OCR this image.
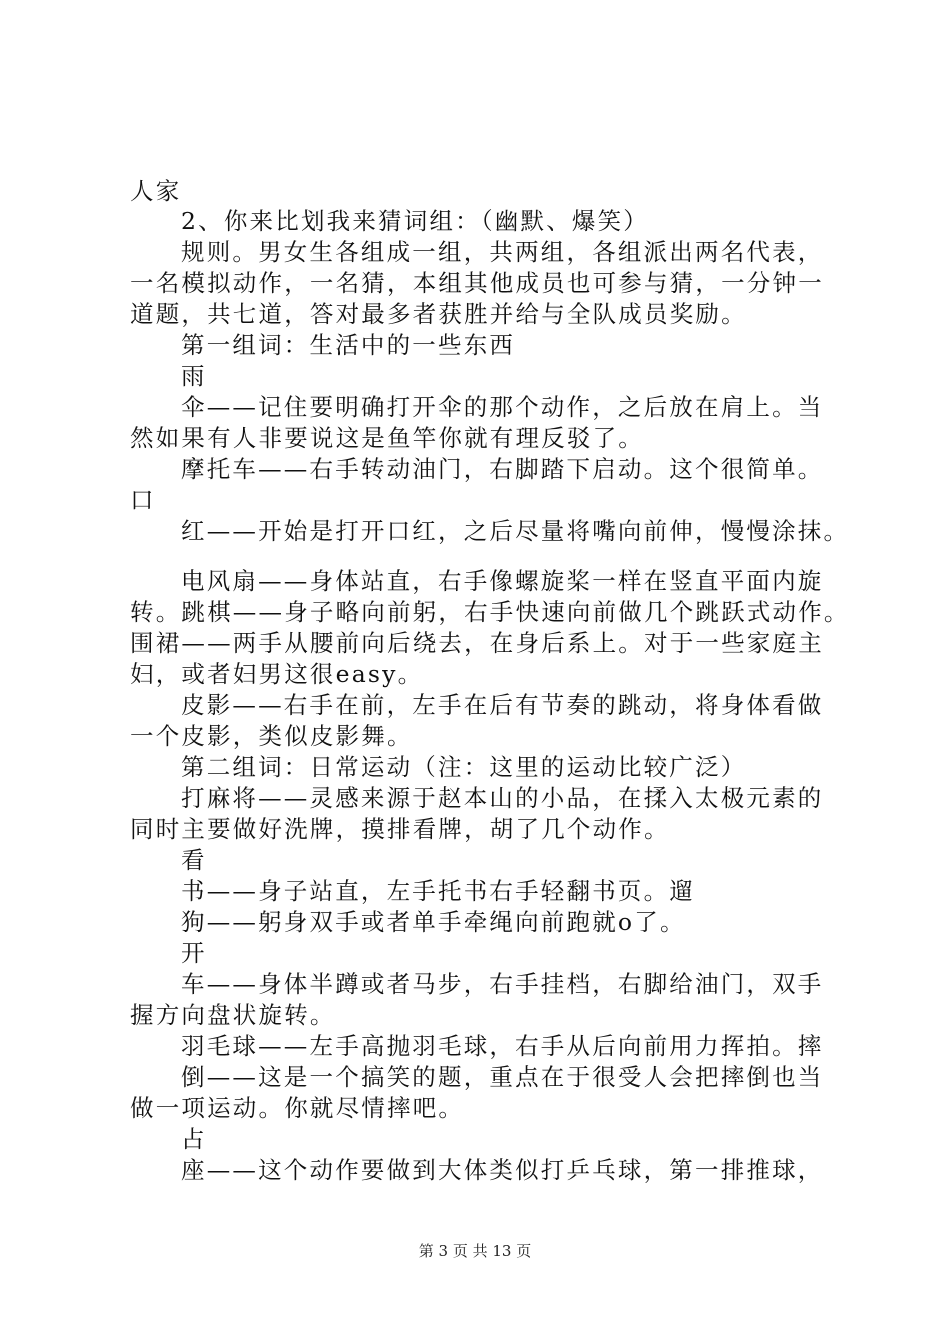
人家
2、你来比划我来猜词组：（幽默、爆笑）
规则。男女生各组成一组，共两组，各组派出两名代表，
一名模拟动作，一名猜，本组其他成员也可参与猜，一分钟一
道题，共七道，答对最多者获胜并给与全队成员奖励。
第一组词：生活中的一些东西
雨
伞——记住要明确打开伞的那个动作，之后放在肩上。当
然如果有人非要说这是鱼竿你就有理反驳了。
摩托车——右手转动油门，右脚踏下启动。这个很简单。
口
红——开始是打开口红，之后尽量将嘴向前伸，慢慢涂抹。
电风扇——身体站直，右手像螺旋桨一样在竖直平面内旋
转。跳棋——身子略向前躬，右手快速向前做几个跳跃式动作。
围裙——两手从腰前向后绕去，在身后系上。对于一些家庭主
妇，或者妇男这很easy。
皮影——右手在前，左手在后有节奏的跳动，将身体看做
一个皮影，类似皮影舞。
第二组词：日常运动（注：这里的运动比较广泛）
打麻将——灵感来源于赵本山的小品，在揉入太极元素的
同时主要做好洗牌，摸排看牌，胡了几个动作。
看
书——身子站直，左手托书右手轻翻书页。遛
狗——躬身双手或者单手牵绳向前跑就o了。
开
车——身体半蹲或者马步，右手挂档，右脚给油门，双手
握方向盘状旋转。
羽毛球——左手高抛羽毛球，右手从后向前用力挥拍。摔
倒——这是一个搞笑的题，重点在于很受人会把摔倒也当
做一项运动。你就尽情摔吧。
占
座——这个动作要做到大体类似打乒乓球，第一排推球，
第 3 页 共 13 页
